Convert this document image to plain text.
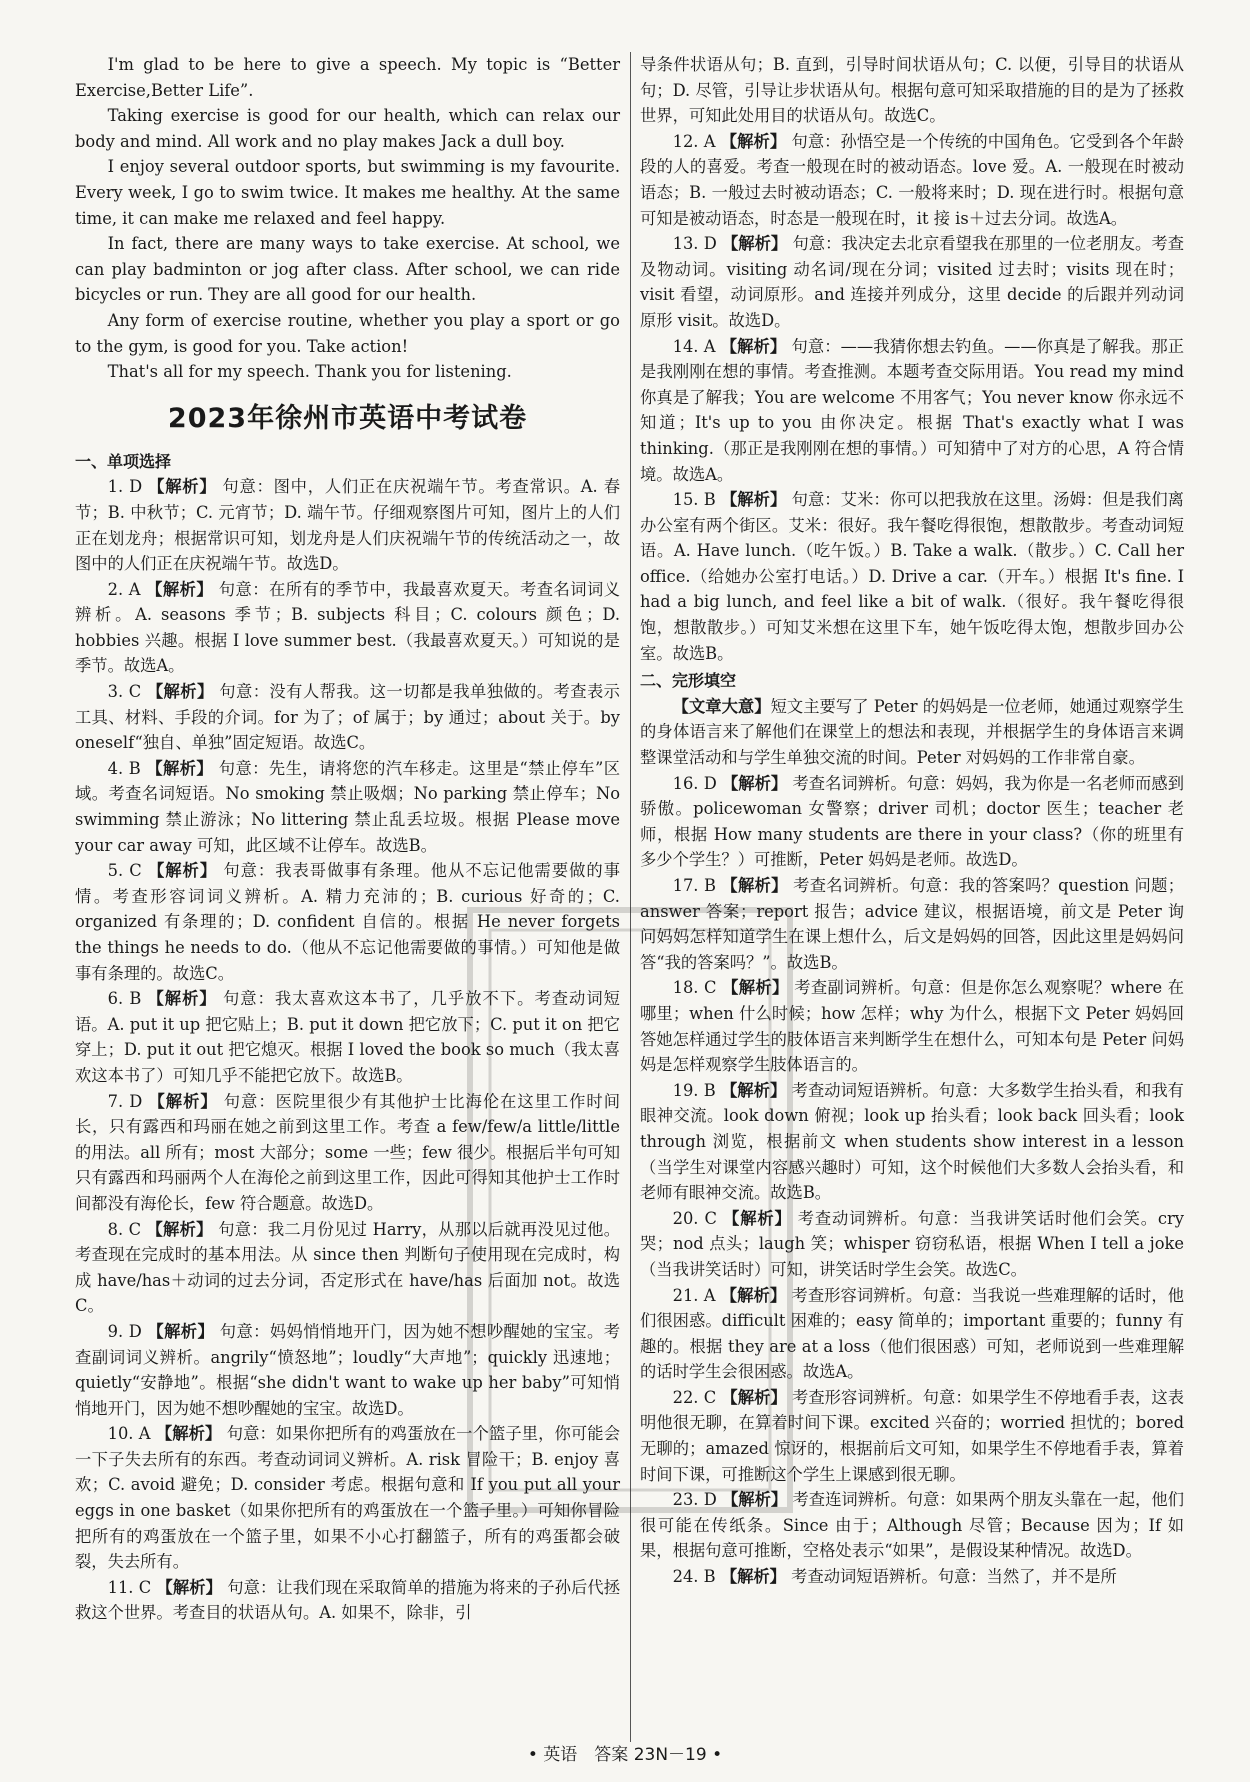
I'm glad to be here to give a speech. My topic is “Better Exercise,Better Life”.

Taking exercise is good for our health, which can relax our body and mind. All work and no play makes Jack a dull boy.

I enjoy several outdoor sports, but swimming is my favourite. Every week, I go to swim twice. It makes me healthy. At the same time, it can make me relaxed and feel happy.

In fact, there are many ways to take exercise. At school, we can play badminton or jog after class. After school, we can ride bicycles or run. They are all good for our health.

Any form of exercise routine, whether you play a sport or go to the gym, is good for you. Take action!

That's all for my speech. Thank you for listening.

2023年徐州市英语中考试卷
一、单项选择

1. D 【解析】 句意：图中，人们正在庆祝端午节。考查常识。A. 春节；B. 中秋节；C. 元宵节；D. 端午节。仔细观察图片可知，图片上的人们正在划龙舟；根据常识可知，划龙舟是人们庆祝端午节的传统活动之一，故图中的人们正在庆祝端午节。故选D。

2. A 【解析】 句意：在所有的季节中，我最喜欢夏天。考查名词词义辨析。A. seasons 季节；B. subjects 科目；C. colours 颜色；D. hobbies 兴趣。根据 I love summer best.（我最喜欢夏天。）可知说的是季节。故选A。

3. C 【解析】 句意：没有人帮我。这一切都是我单独做的。考查表示工具、材料、手段的介词。for 为了；of 属于；by 通过；about 关于。by oneself“独自、单独”固定短语。故选C。

4. B 【解析】 句意：先生，请将您的汽车移走。这里是“禁止停车”区域。考查名词短语。No smoking 禁止吸烟；No parking 禁止停车；No swimming 禁止游泳；No littering 禁止乱丢垃圾。根据 Please move your car away 可知，此区域不让停车。故选B。

5. C 【解析】 句意：我表哥做事有条理。他从不忘记他需要做的事情。考查形容词词义辨析。A. 精力充沛的；B. curious 好奇的；C. organized 有条理的；D. confident 自信的。根据 He never forgets the things he needs to do.（他从不忘记他需要做的事情。）可知他是做事有条理的。故选C。

6. B 【解析】 句意：我太喜欢这本书了，几乎放不下。考查动词短语。A. put it up 把它贴上；B. put it down 把它放下；C. put it on 把它穿上；D. put it out 把它熄灭。根据 I loved the book so much（我太喜欢这本书了）可知几乎不能把它放下。故选B。

7. D 【解析】 句意：医院里很少有其他护士比海伦在这里工作时间长，只有露西和玛丽在她之前到这里工作。考查 a few/few/a little/little 的用法。all 所有；most 大部分；some 一些；few 很少。根据后半句可知只有露西和玛丽两个人在海伦之前到这里工作，因此可得知其他护士工作时间都没有海伦长，few 符合题意。故选D。

8. C 【解析】 句意：我二月份见过 Harry，从那以后就再没见过他。考查现在完成时的基本用法。从 since then 判断句子使用现在完成时，构成 have/has＋动词的过去分词，否定形式在 have/has 后面加 not。故选C。

9. D 【解析】 句意：妈妈悄悄地开门，因为她不想吵醒她的宝宝。考查副词词义辨析。angrily“愤怒地”；loudly“大声地”；quickly 迅速地；quietly“安静地”。根据“she didn't want to wake up her baby”可知悄悄地开门，因为她不想吵醒她的宝宝。故选D。

10. A 【解析】 句意：如果你把所有的鸡蛋放在一个篮子里，你可能会一下子失去所有的东西。考查动词词义辨析。A. risk 冒险干；B. enjoy 喜欢；C. avoid 避免；D. consider 考虑。根据句意和 If you put all your eggs in one basket（如果你把所有的鸡蛋放在一个篮子里。）可知你冒险把所有的鸡蛋放在一个篮子里，如果不小心打翻篮子，所有的鸡蛋都会破裂，失去所有。

11. C 【解析】 句意：让我们现在采取简单的措施为将来的子孙后代拯救这个世界。考查目的状语从句。A. 如果不，除非，引

导条件状语从句；B. 直到，引导时间状语从句；C. 以便，引导目的状语从句；D. 尽管，引导让步状语从句。根据句意可知采取措施的目的是为了拯救世界，可知此处用目的状语从句。故选C。

12. A 【解析】 句意：孙悟空是一个传统的中国角色。它受到各个年龄段的人的喜爱。考查一般现在时的被动语态。love 爱。A. 一般现在时被动语态；B. 一般过去时被动语态；C. 一般将来时；D. 现在进行时。根据句意可知是被动语态，时态是一般现在时，it 接 is＋过去分词。故选A。

13. D 【解析】 句意：我决定去北京看望我在那里的一位老朋友。考查及物动词。visiting 动名词/现在分词；visited 过去时；visits 现在时；visit 看望，动词原形。and 连接并列成分，这里 decide 的后跟并列动词原形 visit。故选D。

14. A 【解析】 句意：——我猜你想去钓鱼。——你真是了解我。那正是我刚刚在想的事情。考查推测。本题考查交际用语。You read my mind 你真是了解我；You are welcome 不用客气；You never know 你永远不知道；It's up to you 由你决定。根据 That's exactly what I was thinking.（那正是我刚刚在想的事情。）可知猜中了对方的心思，A 符合情境。故选A。

15. B 【解析】 句意：艾米：你可以把我放在这里。汤姆：但是我们离办公室有两个街区。艾米：很好。我午餐吃得很饱，想散散步。考查动词短语。A. Have lunch.（吃午饭。）B. Take a walk.（散步。）C. Call her office.（给她办公室打电话。）D. Drive a car.（开车。）根据 It's fine. I had a big lunch, and feel like a bit of walk.（很好。我午餐吃得很饱，想散散步。）可知艾米想在这里下车，她午饭吃得太饱，想散步回办公室。故选B。

二、完形填空

【文章大意】短文主要写了 Peter 的妈妈是一位老师，她通过观察学生的身体语言来了解他们在课堂上的想法和表现，并根据学生的身体语言来调整课堂活动和与学生单独交流的时间。Peter 对妈妈的工作非常自豪。

16. D 【解析】 考查名词辨析。句意：妈妈，我为你是一名老师而感到骄傲。policewoman 女警察；driver 司机；doctor 医生；teacher 老师，根据 How many students are there in your class?（你的班里有多少个学生？）可推断，Peter 妈妈是老师。故选D。

17. B 【解析】 考查名词辨析。句意：我的答案吗？question 问题；answer 答案；report 报告；advice 建议，根据语境，前文是 Peter 询问妈妈怎样知道学生在课上想什么，后文是妈妈的回答，因此这里是妈妈问答“我的答案吗？”。故选B。

18. C 【解析】 考查副词辨析。句意：但是你怎么观察呢？where 在哪里；when 什么时候；how 怎样；why 为什么，根据下文 Peter 妈妈回答她怎样通过学生的肢体语言来判断学生在想什么，可知本句是 Peter 问妈妈是怎样观察学生肢体语言的。

19. B 【解析】 考查动词短语辨析。句意：大多数学生抬头看，和我有眼神交流。look down 俯视；look up 抬头看；look back 回头看；look through 浏览，根据前文 when students show interest in a lesson（当学生对课堂内容感兴趣时）可知，这个时候他们大多数人会抬头看，和老师有眼神交流。故选B。

20. C 【解析】 考查动词辨析。句意：当我讲笑话时他们会笑。cry 哭；nod 点头；laugh 笑；whisper 窃窃私语，根据 When I tell a joke（当我讲笑话时）可知，讲笑话时学生会笑。故选C。

21. A 【解析】 考查形容词辨析。句意：当我说一些难理解的话时，他们很困惑。difficult 困难的；easy 简单的；important 重要的；funny 有趣的。根据 they are at a loss（他们很困惑）可知，老师说到一些难理解的话时学生会很困惑。故选A。

22. C 【解析】 考查形容词辨析。句意：如果学生不停地看手表，这表明他很无聊，在算着时间下课。excited 兴奋的；worried 担忧的；bored 无聊的；amazed 惊讶的，根据前后文可知，如果学生不停地看手表，算着时间下课，可推断这个学生上课感到很无聊。

23. D 【解析】 考查连词辨析。句意：如果两个朋友头靠在一起，他们很可能在传纸条。Since 由于；Although 尽管；Because 因为；If 如果，根据句意可推断，空格处表示“如果”，是假设某种情况。故选D。

24. B 【解析】 考查动词短语辨析。句意：当然了，并不是所

• 英语　答案 23N－19 •
